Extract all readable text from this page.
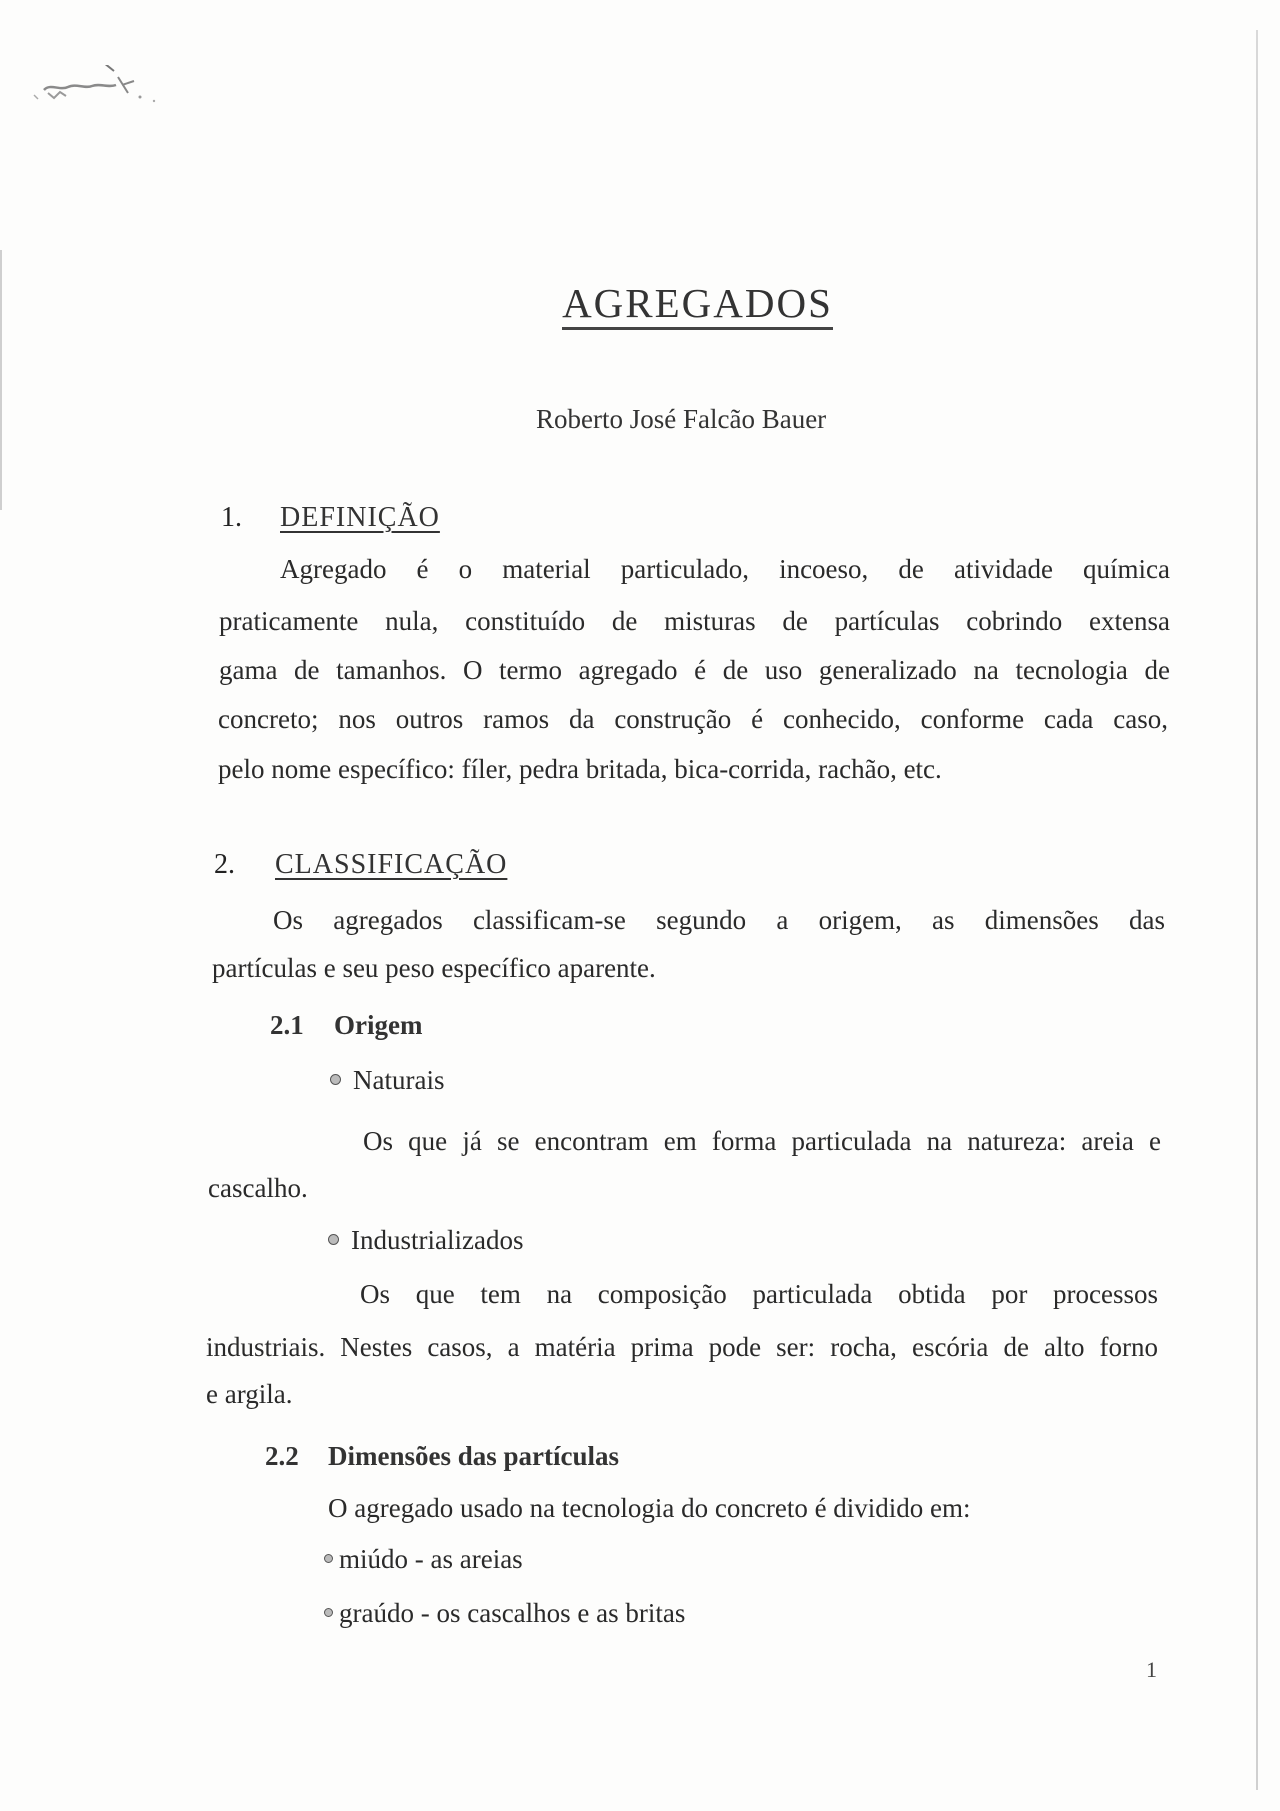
AGREGADOS
Roberto José Falcão Bauer
1. DEFINIÇÃO
Agregado é o material particulado, incoeso, de atividade química
praticamente nula, constituído de misturas de partículas cobrindo extensa
gama de tamanhos. O termo agregado é de uso generalizado na tecnologia de
concreto; nos outros ramos da construção é conhecido, conforme cada caso,
pelo nome específico: fíler, pedra britada, bica-corrida, rachão, etc.
2. CLASSIFICAÇÃO
Os agregados classificam-se segundo a origem, as dimensões das
partículas e seu peso específico aparente.
2.1 Origem
Naturais
Os que já se encontram em forma particulada na natureza: areia e
cascalho.
Industrializados
Os que tem na composição particulada obtida por processos
industriais. Nestes casos, a matéria prima pode ser: rocha, escória de alto forno
e argila.
2.2 Dimensões das partículas
O agregado usado na tecnologia do concreto é dividido em:
miúdo - as areias
graúdo - os cascalhos e as britas
1
